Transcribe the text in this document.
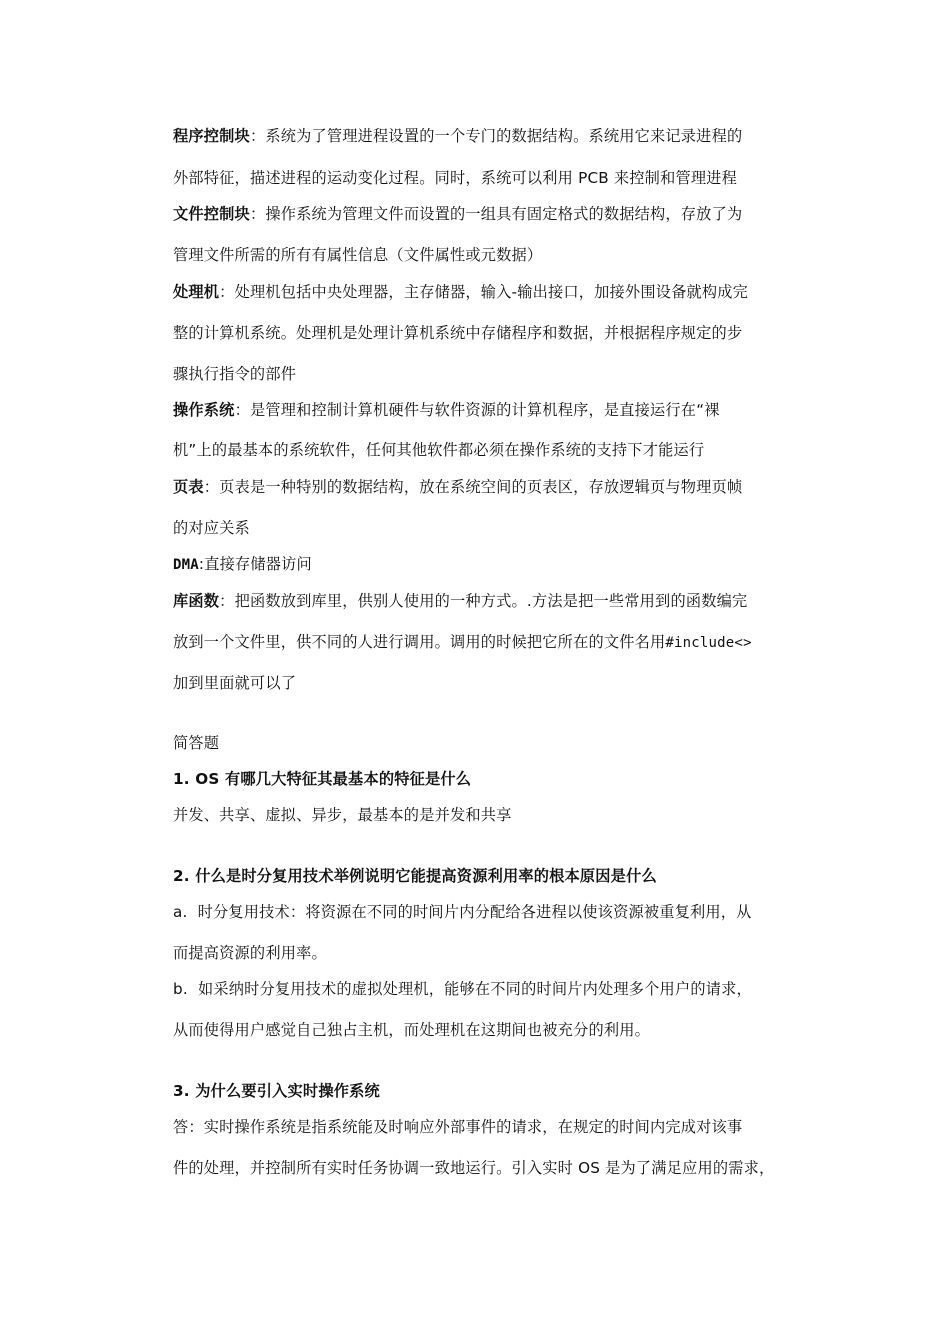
程序控制块：系统为了管理进程设置的一个专门的数据结构。系统用它来记录进程的
外部特征，描述进程的运动变化过程。同时，系统可以利用 PCB 来控制和管理进程
文件控制块：操作系统为管理文件而设置的一组具有固定格式的数据结构，存放了为
管理文件所需的所有有属性信息（文件属性或元数据）
处理机：处理机包括中央处理器，主存储器，输入-输出接口，加接外围设备就构成完
整的计算机系统。处理机是处理计算机系统中存储程序和数据，并根据程序规定的步
骤执行指令的部件
操作系统：是管理和控制计算机硬件与软件资源的计算机程序，是直接运行在“裸
机”上的最基本的系统软件，任何其他软件都必须在操作系统的支持下才能运行
页表：页表是一种特别的数据结构，放在系统空间的页表区，存放逻辑页与物理页帧
的对应关系
DMA:直接存储器访问
库函数：把函数放到库里，供别人使用的一种方式。.方法是把一些常用到的函数编完
放到一个文件里，供不同的人进行调用。调用的时候把它所在的文件名用#include<>
加到里面就可以了
简答题
1. OS 有哪几大特征其最基本的特征是什么
并发、共享、虚拟、异步，最基本的是并发和共享
2. 什么是时分复用技术举例说明它能提高资源利用率的根本原因是什么
a. 时分复用技术：将资源在不同的时间片内分配给各进程以使该资源被重复利用，从
而提高资源的利用率。
b. 如采纳时分复用技术的虚拟处理机，能够在不同的时间片内处理多个用户的请求，
从而使得用户感觉自己独占主机，而处理机在这期间也被充分的利用。
3. 为什么要引入实时操作系统
答：实时操作系统是指系统能及时响应外部事件的请求，在规定的时间内完成对该事
件的处理，并控制所有实时任务协调一致地运行。引入实时 OS 是为了满足应用的需求，
